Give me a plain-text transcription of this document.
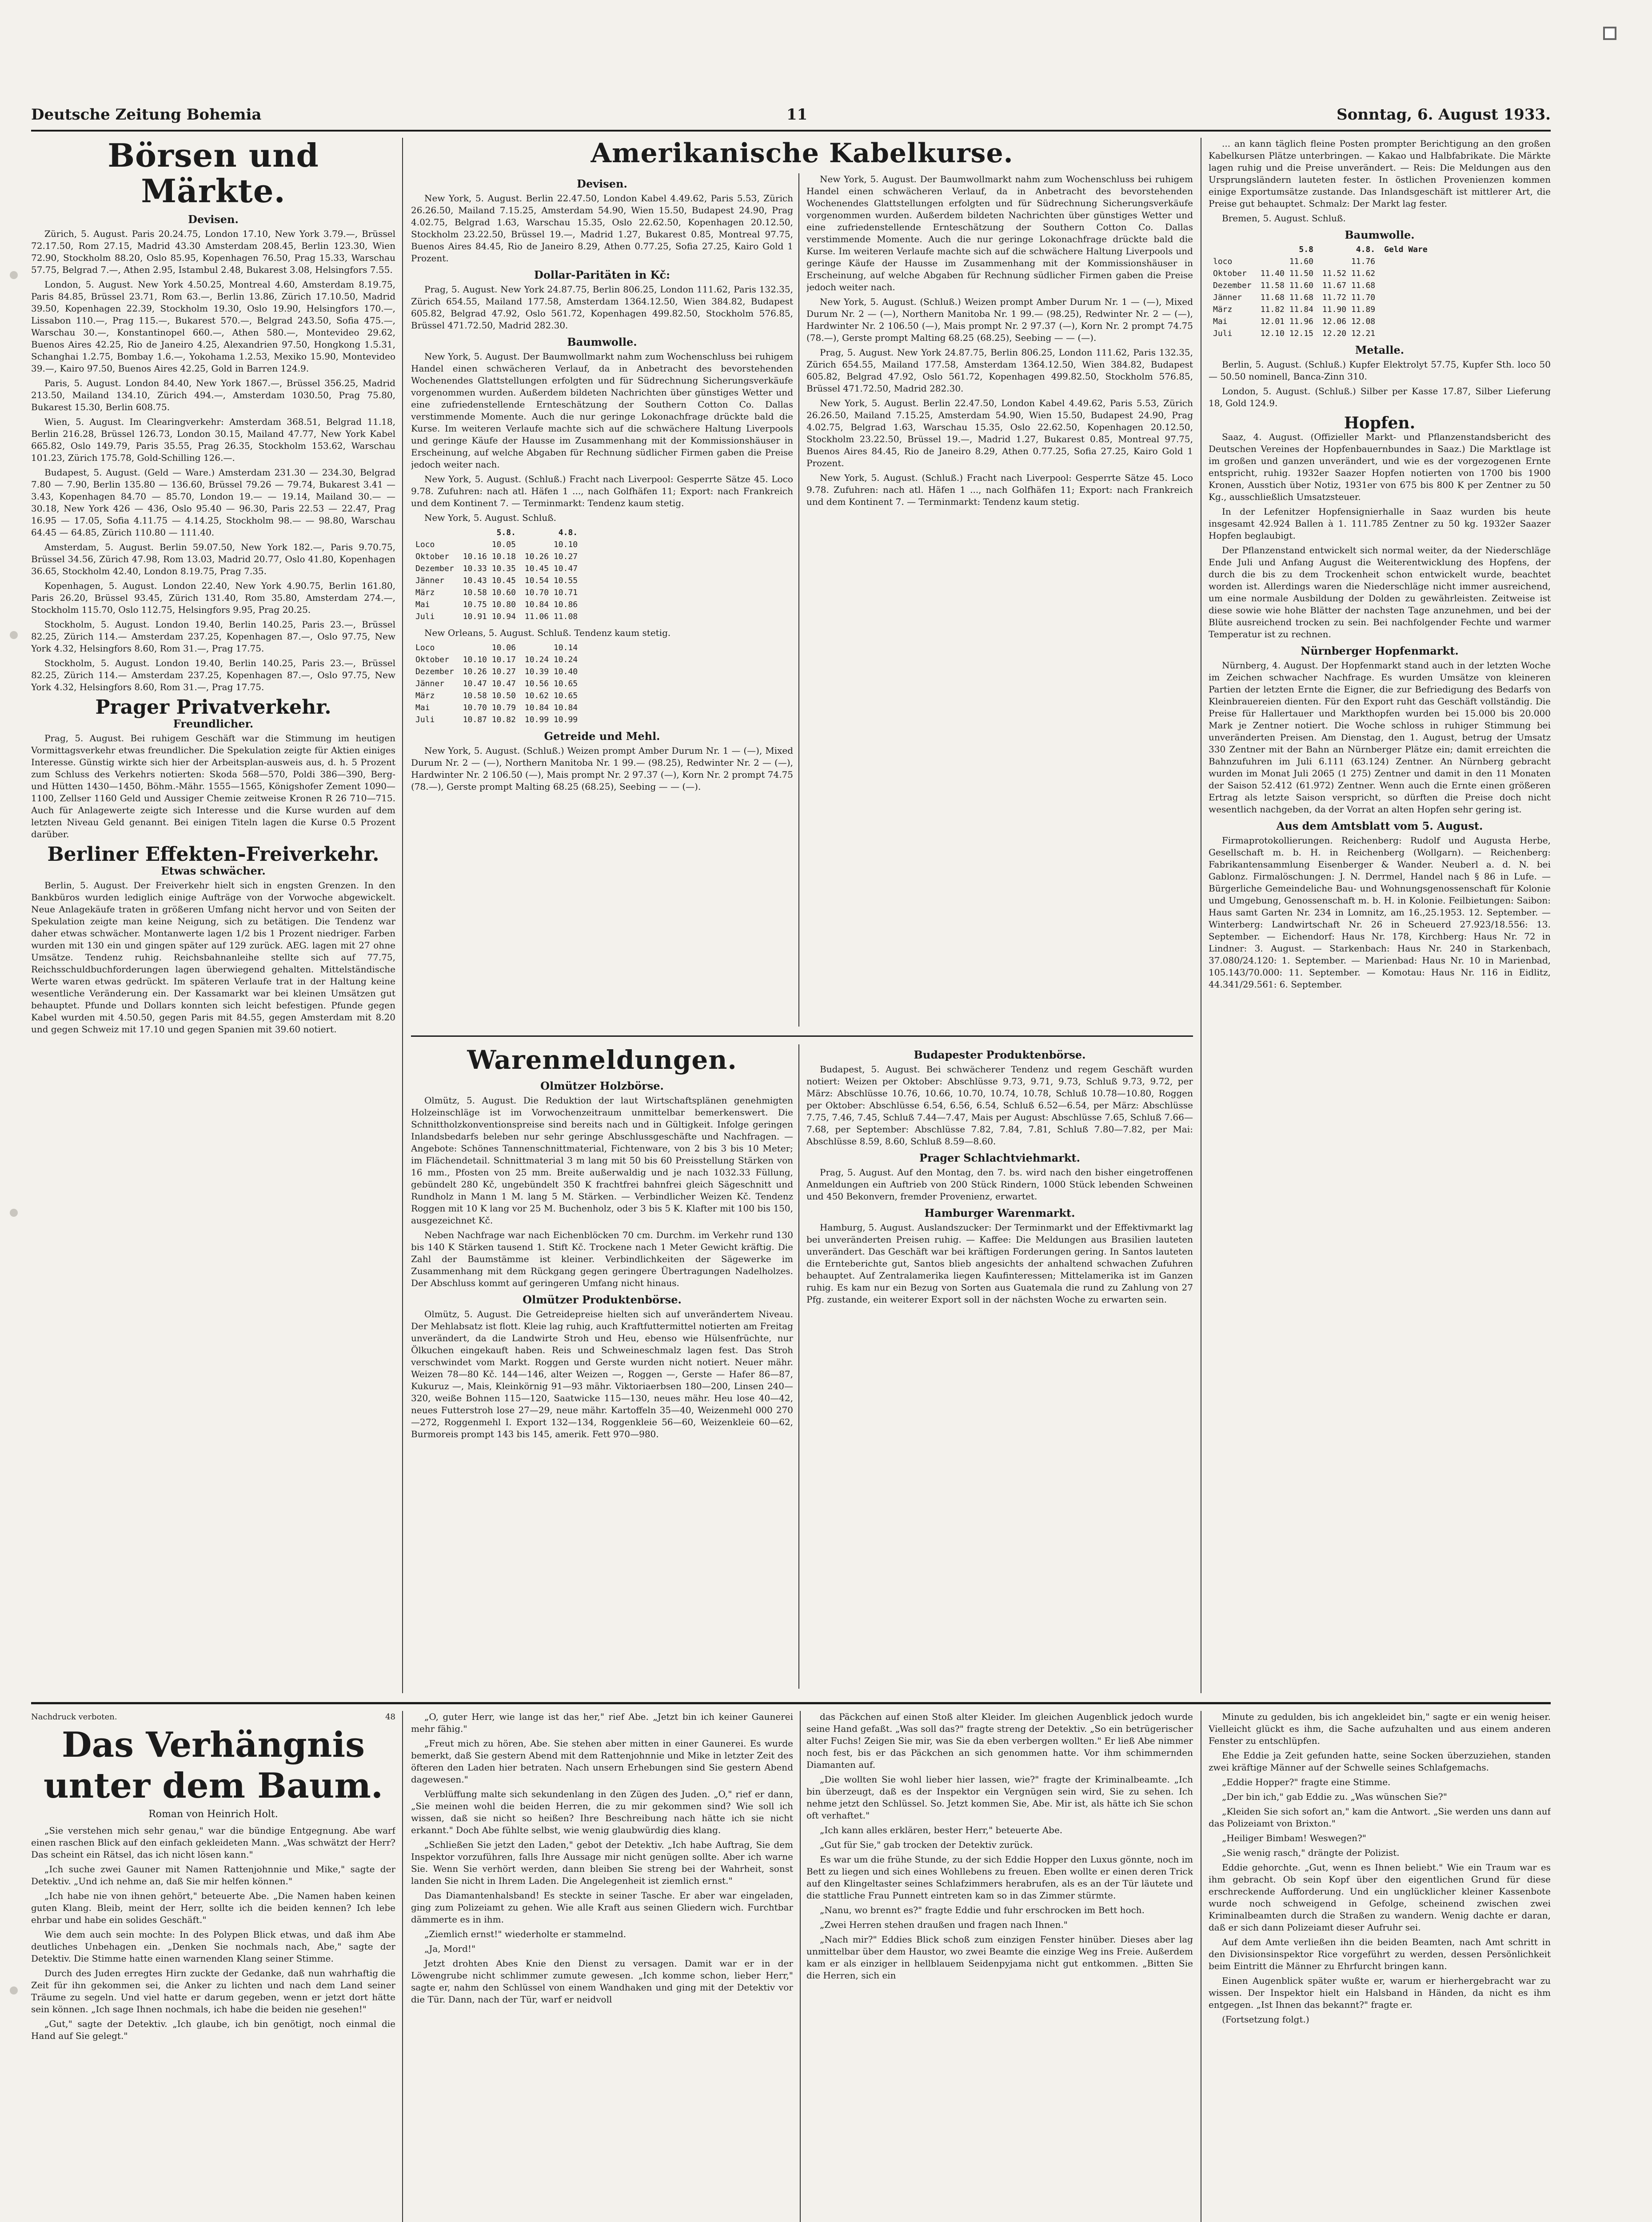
Deutsche Zeitung Bohemia	11	Sonntag, 6. August 1933.
Börsen und Märkte.
Devisen.

Zürich, 5. August. Paris 20.24.75, London 17.10, New York 3.79.—, Brüssel 72.17.50, Rom 27.15, Madrid 43.30 Amsterdam 208.45, Berlin 123.30, Wien 72.90, Stockholm 88.20, Oslo 85.95, Kopenhagen 76.50, Prag 15.33, Warschau 57.75, Belgrad 7.—, Athen 2.95, Istambul 2.48, Bukarest 3.08, Helsingfors 7.55.

London, 5. August. New York 4.50.25, Montreal 4.60, Amsterdam 8.19.75, Paris 84.85, Brüssel 23.71, Rom 63.—, Berlin 13.86, Zürich 17.10.50, Madrid 39.50, Kopenhagen 22.39, Stockholm 19.30, Oslo 19.90, Helsingfors 170.—, Lissabon 110.—, Prag 115.—, Bukarest 570.—, Belgrad 243.50, Sofia 475.—, Warschau 30.—, Konstantinopel 660.—, Athen 580.—, Montevideo 29.62, Buenos Aires 42.25, Rio de Janeiro 4.25, Alexandrien 97.50, Hongkong 1.5.31, Schanghai 1.2.75, Bombay 1.6.—, Yokohama 1.2.53, Mexiko 15.90, Montevideo 39.—, Kairo 97.50, Buenos Aires 42.25, Gold in Barren 124.9.

Paris, 5. August. London 84.40, New York 1867.—, Brüssel 356.25, Madrid 213.50, Mailand 134.10, Zürich 494.—, Amsterdam 1030.50, Prag 75.80, Bukarest 15.30, Berlin 608.75.

Wien, 5. August. Im Clearingverkehr: Amsterdam 368.51, Belgrad 11.18, Berlin 216.28, Brüssel 126.73, London 30.15, Mailand 47.77, New York Kabel 665.82, Oslo 149.79, Paris 35.55, Prag 26.35, Stockholm 153.62, Warschau 101.23, Zürich 175.78, Gold-Schilling 126.—.

Budapest, 5. August. (Geld — Ware.) Amsterdam 231.30 — 234.30, Belgrad 7.80 — 7.90, Berlin 135.80 — 136.60, Brüssel 79.26 — 79.74, Bukarest 3.41 — 3.43, Kopenhagen 84.70 — 85.70, London 19.— — 19.14, Mailand 30.— — 30.18, New York 426 — 436, Oslo 95.40 — 96.30, Paris 22.53 — 22.47, Prag 16.95 — 17.05, Sofia 4.11.75 — 4.14.25, Stockholm 98.— — 98.80, Warschau 64.45 — 64.85, Zürich 110.80 — 111.40.

Amsterdam, 5. August. Berlin 59.07.50, New York 182.—, Paris 9.70.75, Brüssel 34.56, Zürich 47.98, Rom 13.03, Madrid 20.77, Oslo 41.80, Kopenhagen 36.65, Stockholm 42.40, London 8.19.75, Prag 7.35.

Kopenhagen, 5. August. London 22.40, New York 4.90.75, Berlin 161.80, Paris 26.20, Brüssel 93.45, Zürich 131.40, Rom 35.80, Amsterdam 274.—, Stockholm 115.70, Oslo 112.75, Helsingfors 9.95, Prag 20.25.

Stockholm, 5. August. London 19.40, Berlin 140.25, Paris 23.—, Brüssel 82.25, Zürich 114.— Amsterdam 237.25, Kopenhagen 87.—, Oslo 97.75, New York 4.32, Helsingfors 8.60, Rom 31.—, Prag 17.75.

Stockholm, 5. August. London 19.40, Berlin 140.25, Paris 23.—, Brüssel 82.25, Zürich 114.— Amsterdam 237.25, Kopenhagen 87.—, Oslo 97.75, New York 4.32, Helsingfors 8.60, Rom 31.—, Prag 17.75.

Prager Privatverkehr.
Freundlicher.

Prag, 5. August. Bei ruhigem Geschäft war die Stimmung im heutigen Vormittagsverkehr etwas freundlicher. Die Spekulation zeigte für Aktien einiges Interesse. Günstig wirkte sich hier der Arbeitsplan-ausweis aus, d. h. 5 Prozent zum Schluss des Verkehrs notierten: Skoda 568—570, Poldi 386—390, Berg- und Hütten 1430—1450, Böhm.-Mähr. 1555—1565, Königshofer Zement 1090—1100, Zellser 1160 Geld und Aussiger Chemie zeitweise Kronen R 26 710—715. Auch für Anlagewerte zeigte sich Interesse und die Kurse wurden auf dem letzten Niveau Geld genannt. Bei einigen Titeln lagen die Kurse 0.5 Prozent darüber.

Berliner Effekten-Freiverkehr.
Etwas schwächer.

Berlin, 5. August. Der Freiverkehr hielt sich in engsten Grenzen. In den Bankbüros wurden lediglich einige Aufträge von der Vorwoche abgewickelt. Neue Anlagekäufe traten in größeren Umfang nicht hervor und von Seiten der Spekulation zeigte man keine Neigung, sich zu betätigen. Die Tendenz war daher etwas schwächer. Montanwerte lagen 1/2 bis 1 Prozent niedriger. Farben wurden mit 130 ein und gingen später auf 129 zurück. AEG. lagen mit 27 ohne Umsätze. Tendenz ruhig. Reichsbahnanleihe stellte sich auf 77.75, Reichsschuldbuchforderungen lagen überwiegend gehalten. Mittelständische Werte waren etwas gedrückt. Im späteren Verlaufe trat in der Haltung keine wesentliche Veränderung ein. Der Kassamarkt war bei kleinen Umsätzen gut behauptet. Pfunde und Dollars konnten sich leicht befestigen. Pfunde gegen Kabel wurden mit 4.50.50, gegen Paris mit 84.55, gegen Amsterdam mit 8.20 und gegen Schweiz mit 17.10 und gegen Spanien mit 39.60 notiert.

Amerikanische Kabelkurse.
Devisen.

New York, 5. August. Berlin 22.47.50, London Kabel 4.49.62, Paris 5.53, Zürich 26.26.50, Mailand 7.15.25, Amsterdam 54.90, Wien 15.50, Budapest 24.90, Prag 4.02.75, Belgrad 1.63, Warschau 15.35, Oslo 22.62.50, Kopenhagen 20.12.50, Stockholm 23.22.50, Brüssel 19.—, Madrid 1.27, Bukarest 0.85, Montreal 97.75, Buenos Aires 84.45, Rio de Janeiro 8.29, Athen 0.77.25, Sofia 27.25, Kairo Gold 1 Prozent.

Dollar-Paritäten in Kč:

Prag, 5. August. New York 24.87.75, Berlin 806.25, London 111.62, Paris 132.35, Zürich 654.55, Mailand 177.58, Amsterdam 1364.12.50, Wien 384.82, Budapest 605.82, Belgrad 47.92, Oslo 561.72, Kopenhagen 499.82.50, Stockholm 576.85, Brüssel 471.72.50, Madrid 282.30.

Baumwolle.

New York, 5. August. Der Baumwollmarkt nahm zum Wochenschluss bei ruhigem Handel einen schwächeren Verlauf, da in Anbetracht des bevorstehenden Wochenendes Glattstellungen erfolgten und für Südrechnung Sicherungsverkäufe vorgenommen wurden. Außerdem bildeten Nachrichten über günstiges Wetter und eine zufriedenstellende Ernteschätzung der Southern Cotton Co. Dallas verstimmende Momente. Auch die nur geringe Lokonachfrage drückte bald die Kurse. Im weiteren Verlaufe machte sich auf die schwächere Haltung Liverpools und geringe Käufe der Hausse im Zusammenhang mit der Kommissionshäuser in Erscheinung, auf welche Abgaben für Rechnung südlicher Firmen gaben die Preise jedoch weiter nach.

New York, 5. August. (Schluß.) Fracht nach Liverpool: Gesperrte Sätze 45. Loco 9.78. Zufuhren: nach atl. Häfen 1 ..., nach Golfhäfen 11; Export: nach Frankreich und dem Kontinent 7. — Terminmarkt: Tendenz kaum stetig.

New York, 5. August. Schluß.

	5.8.	4.8.
Loco	10.05	10.10
Oktober	10.16 10.18	10.26 10.27
Dezember	10.33 10.35	10.45 10.47
Jänner	10.43 10.45	10.54 10.55
März	10.58 10.60	10.70 10.71
Mai	10.75 10.80	10.84 10.86
Juli	10.91 10.94	11.06 11.08

New Orleans, 5. August. Schluß. Tendenz kaum stetig.

Loco	10.06	10.14
Oktober	10.10 10.17	10.24 10.24
Dezember	10.26 10.27	10.39 10.40
Jänner	10.47 10.47	10.56 10.65
März	10.58 10.50	10.62 10.65
Mai	10.70 10.79	10.84 10.84
Juli	10.87 10.82	10.99 10.99
Getreide und Mehl.

New York, 5. August. (Schluß.) Weizen prompt Amber Durum Nr. 1 — (—), Mixed Durum Nr. 2 — (—), Northern Manitoba Nr. 1 99.— (98.25), Redwinter Nr. 2 — (—), Hardwinter Nr. 2 106.50 (—), Mais prompt Nr. 2 97.37 (—), Korn Nr. 2 prompt 74.75 (78.—), Gerste prompt Malting 68.25 (68.25), Seebing — — (—).

New York, 5. August. Der Baumwollmarkt nahm zum Wochenschluss bei ruhigem Handel einen schwächeren Verlauf, da in Anbetracht des bevorstehenden Wochenendes Glattstellungen erfolgten und für Südrechnung Sicherungsverkäufe vorgenommen wurden. Außerdem bildeten Nachrichten über günstiges Wetter und eine zufriedenstellende Ernteschätzung der Southern Cotton Co. Dallas verstimmende Momente. Auch die nur geringe Lokonachfrage drückte bald die Kurse. Im weiteren Verlaufe machte sich auf die schwächere Haltung Liverpools und geringe Käufe der Hausse im Zusammenhang mit der Kommissionshäuser in Erscheinung, auf welche Abgaben für Rechnung südlicher Firmen gaben die Preise jedoch weiter nach.

New York, 5. August. (Schluß.) Weizen prompt Amber Durum Nr. 1 — (—), Mixed Durum Nr. 2 — (—), Northern Manitoba Nr. 1 99.— (98.25), Redwinter Nr. 2 — (—), Hardwinter Nr. 2 106.50 (—), Mais prompt Nr. 2 97.37 (—), Korn Nr. 2 prompt 74.75 (78.—), Gerste prompt Malting 68.25 (68.25), Seebing — — (—).

Prag, 5. August. New York 24.87.75, Berlin 806.25, London 111.62, Paris 132.35, Zürich 654.55, Mailand 177.58, Amsterdam 1364.12.50, Wien 384.82, Budapest 605.82, Belgrad 47.92, Oslo 561.72, Kopenhagen 499.82.50, Stockholm 576.85, Brüssel 471.72.50, Madrid 282.30.

New York, 5. August. Berlin 22.47.50, London Kabel 4.49.62, Paris 5.53, Zürich 26.26.50, Mailand 7.15.25, Amsterdam 54.90, Wien 15.50, Budapest 24.90, Prag 4.02.75, Belgrad 1.63, Warschau 15.35, Oslo 22.62.50, Kopenhagen 20.12.50, Stockholm 23.22.50, Brüssel 19.—, Madrid 1.27, Bukarest 0.85, Montreal 97.75, Buenos Aires 84.45, Rio de Janeiro 8.29, Athen 0.77.25, Sofia 27.25, Kairo Gold 1 Prozent.

New York, 5. August. (Schluß.) Fracht nach Liverpool: Gesperrte Sätze 45. Loco 9.78. Zufuhren: nach atl. Häfen 1 ..., nach Golfhäfen 11; Export: nach Frankreich und dem Kontinent 7. — Terminmarkt: Tendenz kaum stetig.

Warenmeldungen.
Olmützer Holzbörse.

Olmütz, 5. August. Die Reduktion der laut Wirtschaftsplänen genehmigten Holzeinschläge ist im Vorwochenzeitraum unmittelbar bemerkenswert. Die Schnittholzkonventionspreise sind bereits nach und in Gültigkeit. Infolge geringen Inlandsbedarfs beleben nur sehr geringe Abschlussgeschäfte und Nachfragen. — Angebote: Schönes Tannenschnittmaterial, Fichtenware, von 2 bis 3 bis 10 Meter; im Flächendetail. Schnittmaterial 3 m lang mit 50 bis 60 Preisstellung Stärken von 16 mm., Pfosten von 25 mm. Breite außerwaldig und je nach 1032.33 Füllung, gebündelt 280 Kč, ungebündelt 350 K frachtfrei bahnfrei gleich Sägeschnitt und Rundholz in Mann 1 M. lang 5 M. Stärken. — Verbindlicher Weizen Kč. Tendenz Roggen mit 10 K lang vor 25 M. Buchenholz, oder 3 bis 5 K. Klafter mit 100 bis 150, ausgezeichnet Kč.

Neben Nachfrage war nach Eichenblöcken 70 cm. Durchm. im Verkehr rund 130 bis 140 K Stärken tausend 1. Stift Kč. Trockene nach 1 Meter Gewicht kräftig. Die Zahl der Baumstämme ist kleiner. Verbindlichkeiten der Sägewerke im Zusammenhang mit dem Rückgang gegen geringere Übertragungen Nadelholzes. Der Abschluss kommt auf geringeren Umfang nicht hinaus.

Olmützer Produktenbörse.

Olmütz, 5. August. Die Getreidepreise hielten sich auf unverändertem Niveau. Der Mehlabsatz ist flott. Kleie lag ruhig, auch Kraftfuttermittel notierten am Freitag unverändert, da die Landwirte Stroh und Heu, ebenso wie Hülsenfrüchte, nur Ölkuchen eingekauft haben. Reis und Schweineschmalz lagen fest. Das Stroh verschwindet vom Markt. Roggen und Gerste wurden nicht notiert. Neuer mähr. Weizen 78—80 Kč. 144—146, alter Weizen —, Roggen —, Gerste — Hafer 86—87, Kukuruz —, Mais, Kleinkörnig 91—93 mähr. Viktoriaerbsen 180—200, Linsen 240—320, weiße Bohnen 115—120, Saatwicke 115—130, neues mähr. Heu lose 40—42, neues Futterstroh lose 27—29, neue mähr. Kartoffeln 35—40, Weizenmehl 000 270—272, Roggenmehl I. Export 132—134, Roggenkleie 56—60, Weizenkleie 60—62, Burmoreis prompt 143 bis 145, amerik. Fett 970—980.

Budapester Produktenbörse.

Budapest, 5. August. Bei schwächerer Tendenz und regem Geschäft wurden notiert: Weizen per Oktober: Abschlüsse 9.73, 9.71, 9.73, Schluß 9.73, 9.72, per März: Abschlüsse 10.76, 10.66, 10.70, 10.74, 10.78, Schluß 10.78—10.80, Roggen per Oktober: Abschlüsse 6.54, 6.56, 6.54, Schluß 6.52—6.54, per März: Abschlüsse 7.75, 7.46, 7.45, Schluß 7.44—7.47, Mais per August: Abschlüsse 7.65, Schluß 7.66—7.68, per September: Abschlüsse 7.82, 7.84, 7.81, Schluß 7.80—7.82, per Mai: Abschlüsse 8.59, 8.60, Schluß 8.59—8.60.

Prager Schlachtviehmarkt.

Prag, 5. August. Auf den Montag, den 7. bs. wird nach den bisher eingetroffenen Anmeldungen ein Auftrieb von 200 Stück Rindern, 1000 Stück lebenden Schweinen und 450 Bekonvern, fremder Provenienz, erwartet.

Hamburger Warenmarkt.

Hamburg, 5. August. Auslandszucker: Der Terminmarkt und der Effektivmarkt lag bei unveränderten Preisen ruhig. — Kaffee: Die Meldungen aus Brasilien lauteten unverändert. Das Geschäft war bei kräftigen Forderungen gering. In Santos lauteten die Ernteberichte gut, Santos blieb angesichts der anhaltend schwachen Zufuhren behauptet. Auf Zentralamerika liegen Kaufinteressen; Mittelamerika ist im Ganzen ruhig. Es kam nur ein Bezug von Sorten aus Guatemala die rund zu Zahlung von 27 Pfg. zustande, ein weiterer Export soll in der nächsten Woche zu erwarten sein.

... an kann täglich fleine Posten prompter Berichtigung an den großen Kabelkursen Plätze unterbringen. — Kakao und Halbfabrikate. Die Märkte lagen ruhig und die Preise unverändert. — Reis: Die Meldungen aus den Ursprungsländern lauteten fester. In östlichen Provenienzen kommen einige Exportumsätze zustande. Das Inlandsgeschäft ist mittlerer Art, die Preise gut behauptet. Schmalz: Der Markt lag fester.

Bremen, 5. August. Schluß.

Baumwolle.
	5.8	4.8.	Geld Ware
loco	11.60	11.76	
Oktober	11.40 11.50	11.52 11.62	
Dezember	11.58 11.60	11.67 11.68	
Jänner	11.68 11.68	11.72 11.70	
März	11.82 11.84	11.90 11.89	
Mai	12.01 11.96	12.06 12.08	
Juli	12.10 12.15	12.20 12.21	
Metalle.

Berlin, 5. August. (Schluß.) Kupfer Elektrolyt 57.75, Kupfer Sth. loco 50 — 50.50 nominell, Banca-Zinn 310.

London, 5. August. (Schluß.) Silber per Kasse 17.87, Silber Lieferung 18, Gold 124.9.

Hopfen.

Saaz, 4. August. (Offizieller Markt- und Pflanzenstandsbericht des Deutschen Vereines der Hopfenbauernbundes in Saaz.) Die Marktlage ist im großen und ganzen unverändert, und wie es der vorgezogenen Ernte entspricht, ruhig. 1932er Saazer Hopfen notierten von 1700 bis 1900 Kronen, Ausstich über Notiz, 1931er von 675 bis 800 K per Zentner zu 50 Kg., ausschließlich Umsatzsteuer.

In der Lefenitzer Hopfensignierhalle in Saaz wurden bis heute insgesamt 42.924 Ballen à 1. 111.785 Zentner zu 50 kg. 1932er Saazer Hopfen beglaubigt.

Der Pflanzenstand entwickelt sich normal weiter, da der Niederschläge Ende Juli und Anfang August die Weiterentwicklung des Hopfens, der durch die bis zu dem Trockenheit schon entwickelt wurde, beachtet worden ist. Allerdings waren die Niederschläge nicht immer ausreichend, um eine normale Ausbildung der Dolden zu gewährleisten. Zeitweise ist diese sowie wie hohe Blätter der nachsten Tage anzunehmen, und bei der Blüte ausreichend trocken zu sein. Bei nachfolgender Fechte und warmer Temperatur ist zu rechnen.

Nürnberger Hopfenmarkt.

Nürnberg, 4. August. Der Hopfenmarkt stand auch in der letzten Woche im Zeichen schwacher Nachfrage. Es wurden Umsätze von kleineren Partien der letzten Ernte die Eigner, die zur Befriedigung des Bedarfs von Kleinbrauereien dienten. Für den Export ruht das Geschäft vollständig. Die Preise für Hallertauer und Markthopfen wurden bei 15.000 bis 20.000 Mark je Zentner notiert. Die Woche schloss in ruhiger Stimmung bei unveränderten Preisen. Am Dienstag, den 1. August, betrug der Umsatz 330 Zentner mit der Bahn an Nürnberger Plätze ein; damit erreichten die Bahnzufuhren im Juli 6.111 (63.124) Zentner. An Nürnberg gebracht wurden im Monat Juli 2065 (1 275) Zentner und damit in den 11 Monaten der Saison 52.412 (61.972) Zentner. Wenn auch die Ernte einen größeren Ertrag als letzte Saison verspricht, so dürften die Preise doch nicht wesentlich nachgeben, da der Vorrat an alten Hopfen sehr gering ist.

Aus dem Amtsblatt vom 5. August.

Firmaprotokollierungen. Reichenberg: Rudolf und Augusta Herbe, Gesellschaft m. b. H. in Reichenberg (Wollgarn). — Reichenberg: Fabrikantensammlung Eisenberger & Wander. Neuberl a. d. N. bei Gablonz. Firmalöschungen: J. N. Derrmel, Handel nach § 86 in Lufe. — Bürgerliche Gemeindeliche Bau- und Wohnungsgenossenschaft für Kolonie und Umgebung, Genossenschaft m. b. H. in Kolonie. Feilbietungen: Saibon: Haus samt Garten Nr. 234 in Lomnitz, am 16.,25.1953. 12. September. — Winterberg: Landwirtschaft Nr. 26 in Scheuerd 27.923/18.556: 13. September. — Eichendorf: Haus Nr. 178, Kirchberg: Haus Nr. 72 in Lindner: 3. August. — Starkenbach: Haus Nr. 240 in Starkenbach, 37.080/24.120: 1. September. — Marienbad: Haus Nr. 10 in Marienbad, 105.143/70.000: 11. September. — Komotau: Haus Nr. 116 in Eidlitz, 44.341/29.561: 6. September.

Nachdruck verboten.	48
Das Verhängnis
unter dem Baum.
Roman von Heinrich Holt.

„Sie verstehen mich sehr genau," war die bündige Entgegnung. Abe warf einen raschen Blick auf den einfach gekleideten Mann. „Was schwätzt der Herr? Das scheint ein Rätsel, das ich nicht lösen kann."

„Ich suche zwei Gauner mit Namen Rattenjohnnie und Mike," sagte der Detektiv. „Und ich nehme an, daß Sie mir helfen können."

„Ich habe nie von ihnen gehört," beteuerte Abe. „Die Namen haben keinen guten Klang. Bleib, meint der Herr, sollte ich die beiden kennen? Ich lebe ehrbar und habe ein solides Geschäft."

Wie dem auch sein mochte: In des Polypen Blick etwas, und daß ihm Abe deutliches Unbehagen ein. „Denken Sie nochmals nach, Abe," sagte der Detektiv. Die Stimme hatte einen warnenden Klang seiner Stimme.

Durch des Juden erregtes Hirn zuckte der Gedanke, daß nun wahrhaftig die Zeit für ihn gekommen sei, die Anker zu lichten und nach dem Land seiner Träume zu segeln. Und viel hatte er darum gegeben, wenn er jetzt dort hätte sein können. „Ich sage Ihnen nochmals, ich habe die beiden nie gesehen!"

„Gut," sagte der Detektiv. „Ich glaube, ich bin genötigt, noch einmal die Hand auf Sie gelegt."

„O, guter Herr, wie lange ist das her," rief Abe. „Jetzt bin ich keiner Gaunerei mehr fähig."

„Freut mich zu hören, Abe. Sie stehen aber mitten in einer Gaunerei. Es wurde bemerkt, daß Sie gestern Abend mit dem Rattenjohnnie und Mike in letzter Zeit des öfteren den Laden hier betraten. Nach unsern Erhebungen sind Sie gestern Abend dagewesen."

Verblüffung malte sich sekundenlang in den Zügen des Juden. „O," rief er dann, „Sie meinen wohl die beiden Herren, die zu mir gekommen sind? Wie soll ich wissen, daß sie nicht so heißen? Ihre Beschreibung nach hätte ich sie nicht erkannt." Doch Abe fühlte selbst, wie wenig glaubwürdig dies klang.

„Schließen Sie jetzt den Laden," gebot der Detektiv. „Ich habe Auftrag, Sie dem Inspektor vorzuführen, falls Ihre Aussage mir nicht genügen sollte. Aber ich warne Sie. Wenn Sie verhört werden, dann bleiben Sie streng bei der Wahrheit, sonst landen Sie nicht in Ihrem Laden. Die Angelegenheit ist ziemlich ernst."

Das Diamantenhalsband! Es steckte in seiner Tasche. Er aber war eingeladen, ging zum Polizeiamt zu gehen. Wie alle Kraft aus seinen Gliedern wich. Furchtbar dämmerte es in ihm.

„Ziemlich ernst!" wiederholte er stammelnd.

„Ja, Mord!"

Jetzt drohten Abes Knie den Dienst zu versagen. Damit war er in der Löwengrube nicht schlimmer zumute gewesen. „Ich komme schon, lieber Herr," sagte er, nahm den Schlüssel von einem Wandhaken und ging mit der Detektiv vor die Tür. Dann, nach der Tür, warf er neidvoll

das Päckchen auf einen Stoß alter Kleider. Im gleichen Augenblick jedoch wurde seine Hand gefaßt. „Was soll das?" fragte streng der Detektiv. „So ein betrügerischer alter Fuchs! Zeigen Sie mir, was Sie da eben verbergen wollten." Er ließ Abe nimmer noch fest, bis er das Päckchen an sich genommen hatte. Vor ihm schimmernden Diamanten auf.

„Die wollten Sie wohl lieber hier lassen, wie?" fragte der Kriminalbeamte. „Ich bin überzeugt, daß es der Inspektor ein Vergnügen sein wird, Sie zu sehen. Ich nehme jetzt den Schlüssel. So. Jetzt kommen Sie, Abe. Mir ist, als hätte ich Sie schon oft verhaftet."

„Ich kann alles erklären, bester Herr," beteuerte Abe.

„Gut für Sie," gab trocken der Detektiv zurück.

Es war um die frühe Stunde, zu der sich Eddie Hopper den Luxus gönnte, noch im Bett zu liegen und sich eines Wohllebens zu freuen. Eben wollte er einen deren Trick auf den Klingeltaster seines Schlafzimmers herabrufen, als es an der Tür läutete und die stattliche Frau Punnett eintreten kam so in das Zimmer stürmte.

„Nanu, wo brennt es?" fragte Eddie und fuhr erschrocken im Bett hoch.

„Zwei Herren stehen draußen und fragen nach Ihnen."

„Nach mir?" Eddies Blick schoß zum einzigen Fenster hinüber. Dieses aber lag unmittelbar über dem Haustor, wo zwei Beamte die einzige Weg ins Freie. Außerdem kam er als einziger in hellblauem Seidenpyjama nicht gut entkommen. „Bitten Sie die Herren, sich ein

Minute zu gedulden, bis ich angekleidet bin," sagte er ein wenig heiser. Vielleicht glückt es ihm, die Sache aufzuhalten und aus einem anderen Fenster zu entschlüpfen.

Ehe Eddie ja Zeit gefunden hatte, seine Socken überzuziehen, standen zwei kräftige Männer auf der Schwelle seines Schlafgemachs.

„Eddie Hopper?" fragte eine Stimme.

„Der bin ich," gab Eddie zu. „Was wünschen Sie?"

„Kleiden Sie sich sofort an," kam die Antwort. „Sie werden uns dann auf das Polizeiamt von Brixton."

„Heiliger Bimbam! Weswegen?"

„Sie wenig rasch," drängte der Polizist.

Eddie gehorchte. „Gut, wenn es Ihnen beliebt." Wie ein Traum war es ihm gebracht. Ob sein Kopf über den eigentlichen Grund für diese erschreckende Aufforderung. Und ein unglücklicher kleiner Kassenbote wurde noch schweigend in Gefolge, scheinend zwischen zwei Kriminalbeamten durch die Straßen zu wandern. Wenig dachte er daran, daß er sich dann Polizeiamt dieser Aufruhr sei.

Auf dem Amte verließen ihn die beiden Beamten, nach Amt schritt in den Divisionsinspektor Rice vorgeführt zu werden, dessen Persönlichkeit beim Eintritt die Männer zu Ehrfurcht bringen kann.

Einen Augenblick später wußte er, warum er hierhergebracht war zu wissen. Der Inspektor hielt ein Halsband in Händen, da nicht es ihm entgegen. „Ist Ihnen das bekannt?" fragte er.

(Fortsetzung folgt.)
